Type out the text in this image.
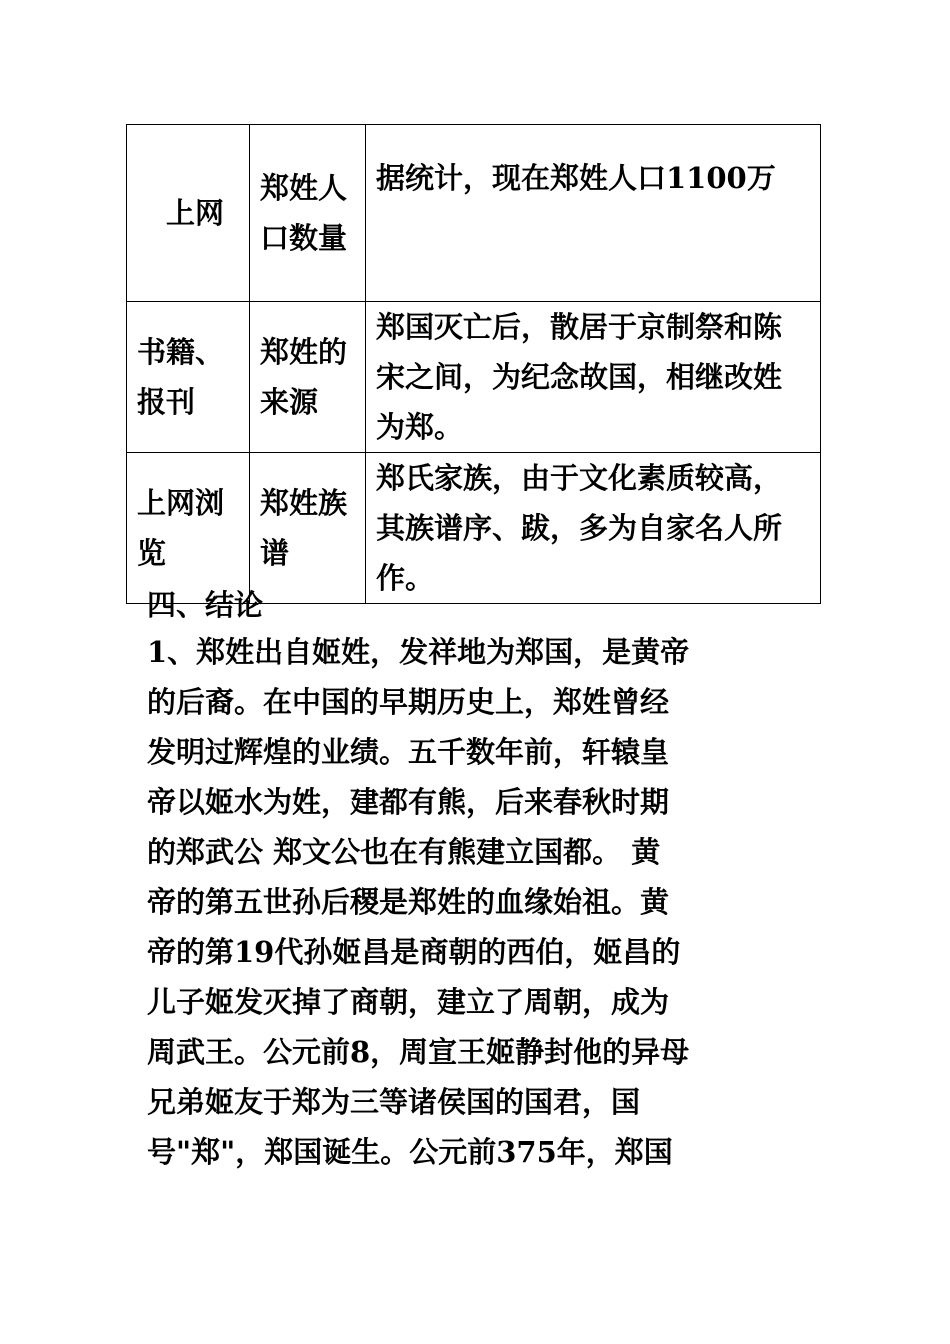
　上网	郑姓人口数量	据统计，现在郑姓人口1100万
书籍、报刊	郑姓的来源	郑国灭亡后，散居于京制祭和陈宋之间，为纪念故国，相继改姓为郑。
上网浏览	郑姓族谱	郑氏家族，由于文化素质较高，其族谱序、跋，多为自家名人所作。
四、结论
1、郑姓出自姬姓，发祥地为郑国，是黄帝
的后裔。在中国的早期历史上，郑姓曾经
发明过辉煌的业绩。五千数年前，轩辕皇
帝以姬水为姓，建都有熊，后来春秋时期
的郑武公 郑文公也在有熊建立国都。 黄
帝的第五世孙后稷是郑姓的血缘始祖。黄
帝的第19代孙姬昌是商朝的西伯，姬昌的
儿子姬发灭掉了商朝，建立了周朝，成为
周武王。公元前8，周宣王姬静封他的异母
兄弟姬友于郑为三等诸侯国的国君，国
号"郑"，郑国诞生。公元前375年，郑国
